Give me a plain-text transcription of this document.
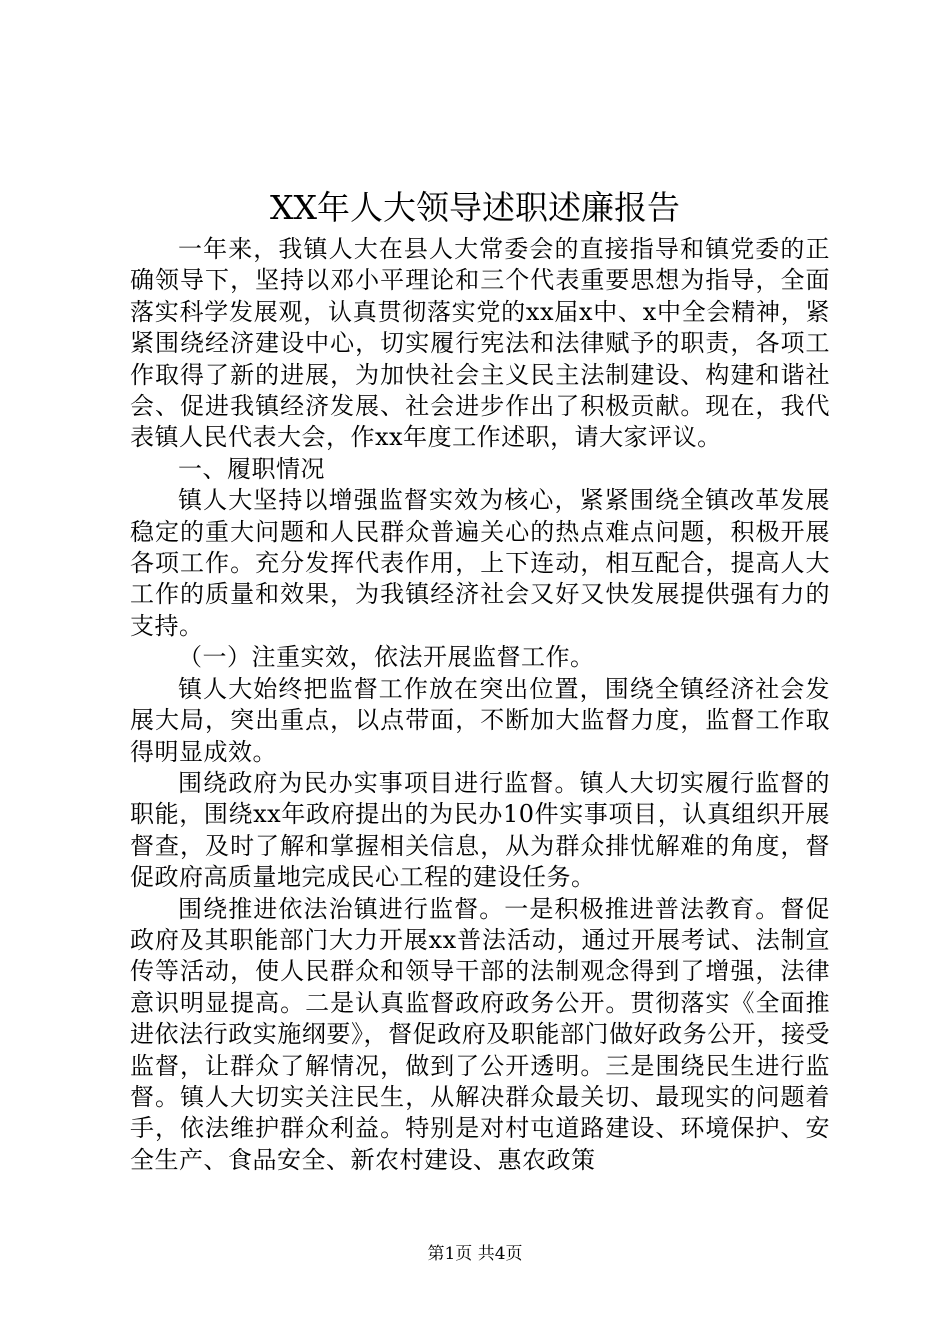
XX年人大领导述职述廉报告

一年来，我镇人大在县人大常委会的直接指导和镇党委的正确领导下，坚持以邓小平理论和三个代表重要思想为指导，全面落实科学发展观，认真贯彻落实党的xx届x中、x中全会精神，紧紧围绕经济建设中心，切实履行宪法和法律赋予的职责，各项工作取得了新的进展，为加快社会主义民主法制建设、构建和谐社会、促进我镇经济发展、社会进步作出了积极贡献。现在，我代表镇人民代表大会，作xx年度工作述职，请大家评议。

一、履职情况

镇人大坚持以增强监督实效为核心，紧紧围绕全镇改革发展稳定的重大问题和人民群众普遍关心的热点难点问题，积极开展各项工作。充分发挥代表作用，上下连动，相互配合，提高人大工作的质量和效果，为我镇经济社会又好又快发展提供强有力的支持。

（一）注重实效，依法开展监督工作。

镇人大始终把监督工作放在突出位置，围绕全镇经济社会发展大局，突出重点，以点带面，不断加大监督力度，监督工作取得明显成效。

围绕政府为民办实事项目进行监督。镇人大切实履行监督的职能，围绕xx年政府提出的为民办10件实事项目，认真组织开展督查，及时了解和掌握相关信息，从为群众排忧解难的角度，督促政府高质量地完成民心工程的建设任务。

围绕推进依法治镇进行监督。一是积极推进普法教育。督促政府及其职能部门大力开展xx普法活动，通过开展考试、法制宣传等活动，使人民群众和领导干部的法制观念得到了增强，法律意识明显提高。二是认真监督政府政务公开。贯彻落实《全面推进依法行政实施纲要》，督促政府及职能部门做好政务公开，接受监督，让群众了解情况，做到了公开透明。三是围绕民生进行监督。镇人大切实关注民生，从解决群众最关切、最现实的问题着手，依法维护群众利益。特别是对村屯道路建设、环境保护、安全生产、食品安全、新农村建设、惠农政策

第1页 共4页
